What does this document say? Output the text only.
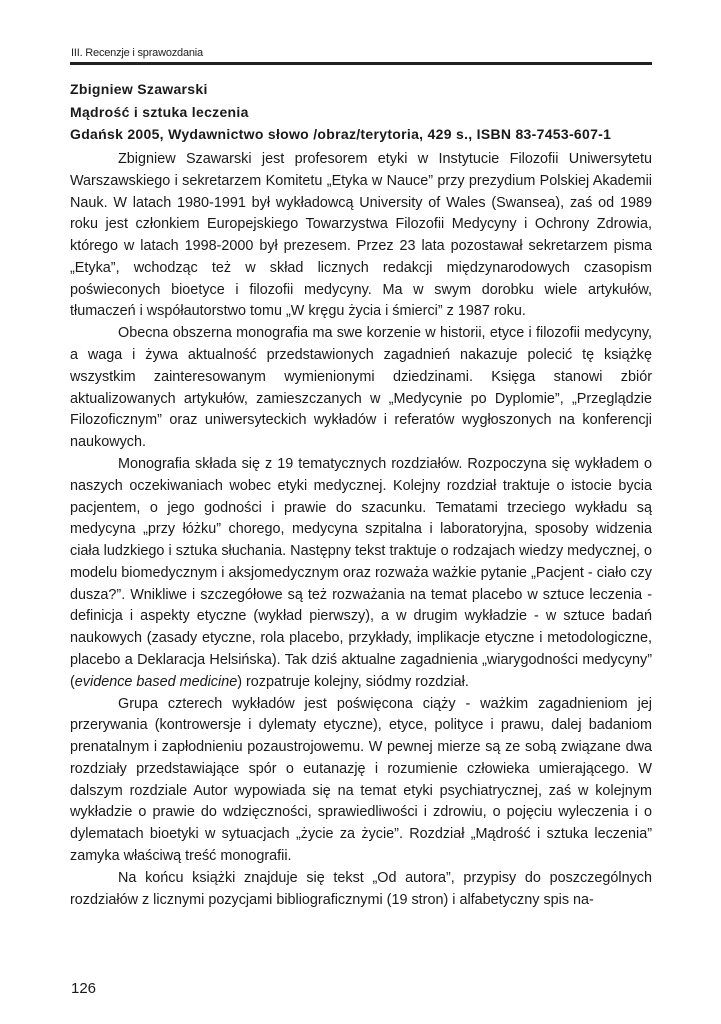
III. Recenzje i sprawozdania
Zbigniew Szawarski
Mądrość i sztuka leczenia
Gdańsk 2005, Wydawnictwo słowo /obraz/terytoria, 429 s., ISBN 83-7453-607-1

Zbigniew Szawarski jest profesorem etyki w Instytucie Filozofii Uniwersytetu Warszawskiego i sekretarzem Komitetu „Etyka w Nauce” przy prezydium Polskiej Akademii Nauk. W latach 1980-1991 był wykładowcą University of Wales (Swansea), zaś od 1989 roku jest członkiem Europejskiego Towarzystwa Filozofii Medycyny i Ochrony Zdrowia, którego w latach 1998-2000 był prezesem. Przez 23 lata pozostawał sekretarzem pisma „Etyka”, wchodząc też w skład licznych redakcji międzynarodowych czasopism poświeconych bioetyce i filozofii medycyny. Ma w swym dorobku wiele artykułów, tłumaczeń i współautorstwo tomu „W kręgu życia i śmierci” z 1987 roku.

Obecna obszerna monografia ma swe korzenie w historii, etyce i filozofii medycyny, a waga i żywa aktualność przedstawionych zagadnień nakazuje polecić tę książkę wszystkim zainteresowanym wymienionymi dziedzinami. Księga stanowi zbiór aktualizowanych artykułów, zamieszczanych w „Medycynie po Dyplomie”, „Przeglądzie Filozoficznym” oraz uniwersyteckich wykładów i referatów wygłoszonych na konferencji naukowych.

Monografia składa się z 19 tematycznych rozdziałów. Rozpoczyna się wykładem o naszych oczekiwaniach wobec etyki medycznej. Kolejny rozdział traktuje o istocie bycia pacjentem, o jego godności i prawie do szacunku. Tematami trzeciego wykładu są medycyna „przy łóżku” chorego, medycyna szpitalna i laboratoryjna, sposoby widzenia ciała ludzkiego i sztuka słuchania. Następny tekst traktuje o rodzajach wiedzy medycznej, o modelu biomedycznym i aksjomedycznym oraz rozważa ważkie pytanie „Pacjent - ciało czy dusza?”. Wnikliwe i szczegółowe są też rozważania na temat placebo w sztuce leczenia - definicja i aspekty etyczne (wykład pierwszy), a w drugim wykładzie - w sztuce badań naukowych (zasady etyczne, rola placebo, przykłady, implikacje etyczne i metodologiczne, placebo a Deklaracja Helsińska). Tak dziś aktualne zagadnienia „wiarygodności medycyny” (evidence based medicine) rozpatruje kolejny, siódmy rozdział.

Grupa czterech wykładów jest poświęcona ciąży - ważkim zagadnieniom jej przerywania (kontrowersje i dylematy etyczne), etyce, polityce i prawu, dalej badaniom prenatalnym i zapłodnieniu pozaustrojowemu. W pewnej mierze są ze sobą związane dwa rozdziały przedstawiające spór o eutanazję i rozumienie człowieka umierającego. W dalszym rozdziale Autor wypowiada się na temat etyki psychiatrycznej, zaś w kolejnym wykładzie o prawie do wdzięczności, sprawiedliwości i zdrowiu, o pojęciu wyleczenia i o dylematach bioetyki w sytuacjach „życie za życie”. Rozdział „Mądrość i sztuka leczenia” zamyka właściwą treść monografii.

Na końcu książki znajduje się tekst „Od autora”, przypisy do poszczególnych rozdziałów z licznymi pozycjami bibliograficznymi (19 stron) i alfabetyczny spis na-

126
